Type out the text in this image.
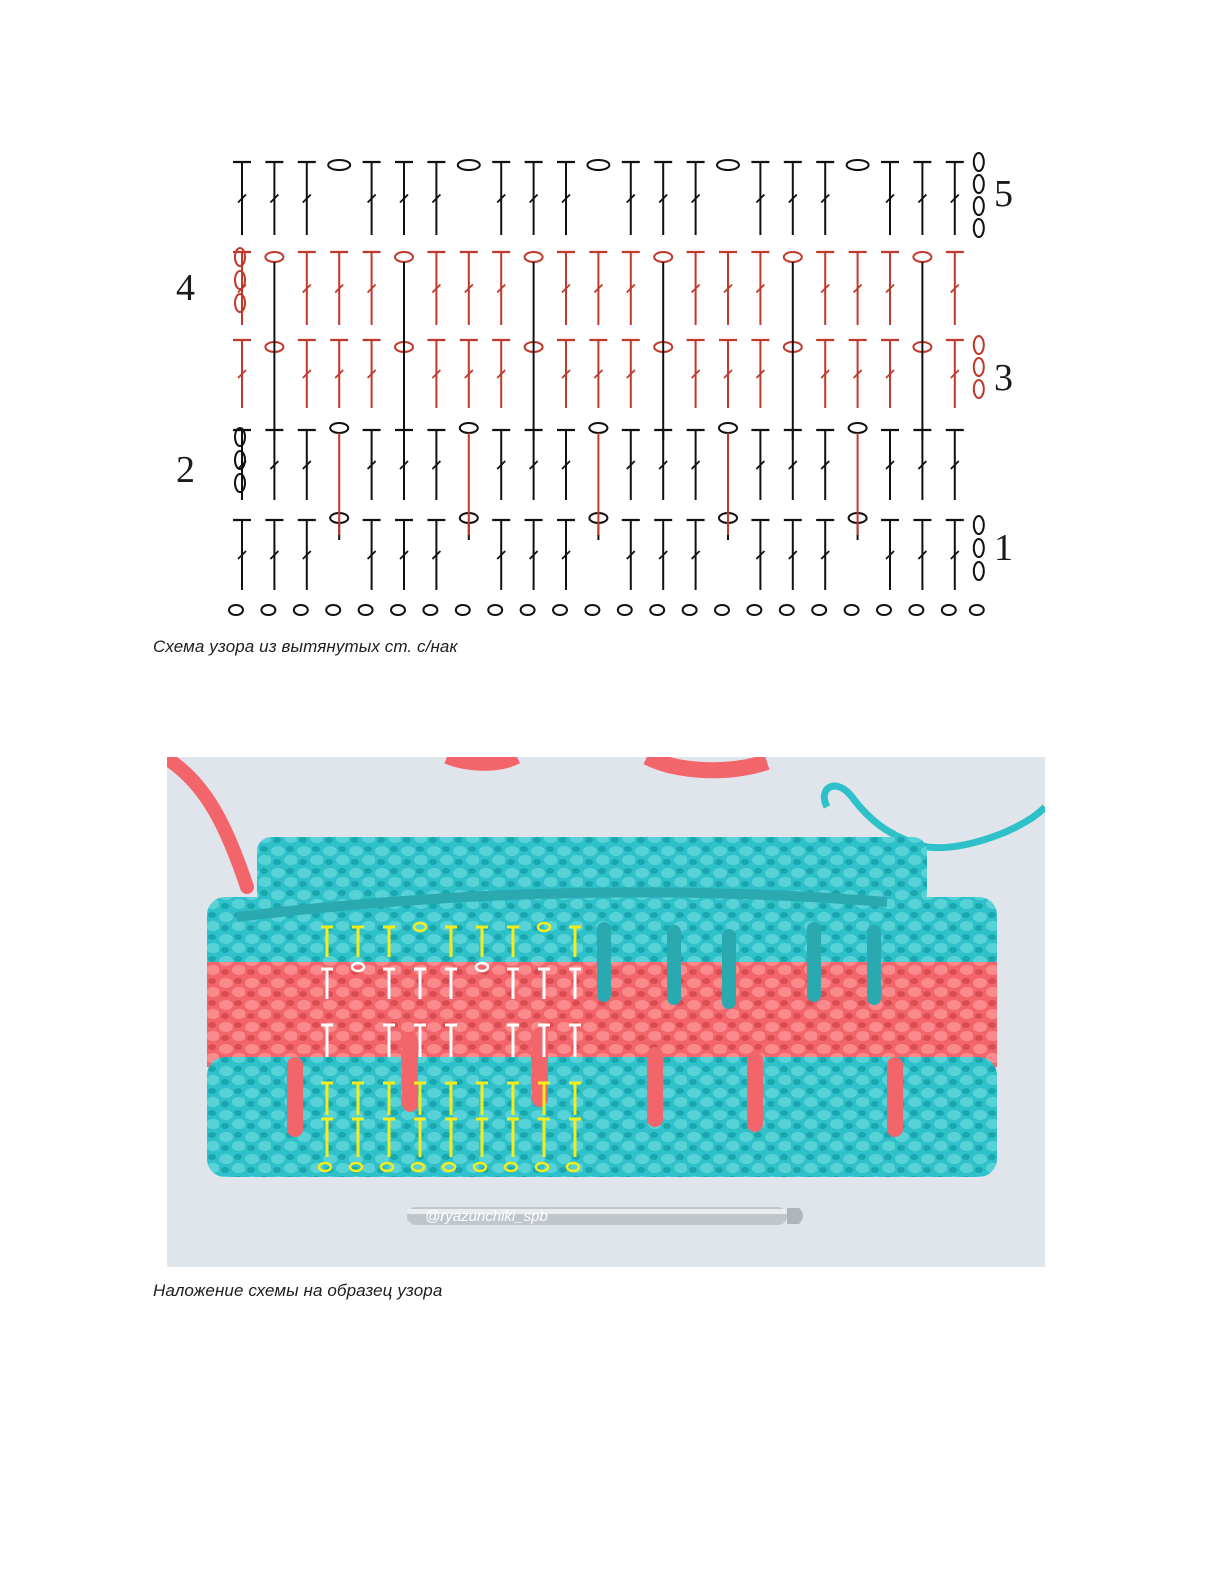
5
4
3
2
1
Схема узора из вытянутых ст. с/нак
@ryazunchiki_spb
Наложение схемы на образец узора
